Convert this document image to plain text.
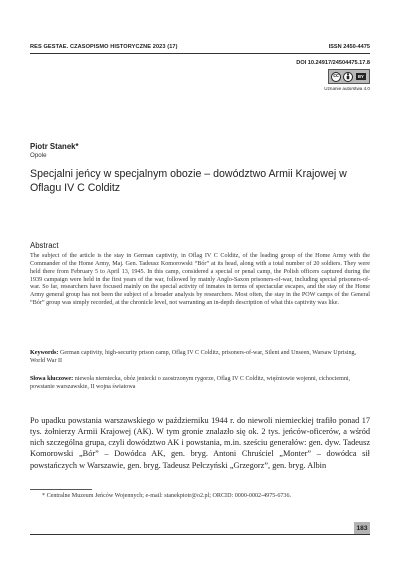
RES GESTAE. CZASOPISMO HISTORYCZNE 2023 (17)	ISSN 2450-4475
DOI 10.24917/24504475.17.8
cc	BY
Uznanie autorstwa 4.0
Piotr Stanek*
Opole
Specjalni jeńcy w specjalnym obozie – dowództwo Armii Krajowej w Oflagu IV C Colditz
Abstract
The subject of the article is the stay in German captivity, in Oflag IV C Colditz, of the leading group of the Home Army with the Commander of the Home Army, Maj. Gen. Tadeusz Komorowski “Bór” at its head, along with a total number of 20 soldiers. They were held there from February 5 to April 13, 1945. In this camp, considered a special or penal camp, the Polish officers captured during the 1939 campaign were held in the first years of the war, followed by mainly Anglo-Saxon prisoners-of-war, including special prisoners-of-war. So far, researchers have focused mainly on the special activity of inmates in terms of spectacular escapes, and the stay of the Home Army general group has not been the subject of a broader analysis by researchers. Most often, the stay in the POW camps of the General “Bór” group was simply recorded, at the chronicle level, not warranting an in-depth description of what this captivity was like.
Keywords: German captivity, high-security prison camp, Oflag IV C Colditz, prisoners-of-war, Silent and Unseen, Warsaw Uprising, World War II
Słowa kluczowe: niewola niemiecka, obóz jeniecki o zaostrzonym rygorze, Oflag IV C Colditz, więźniowie wojenni, cichociemni, powstanie warszawskie, II wojna światowa
Po upadku powstania warszawskiego w październiku 1944 r. do niewoli niemieckiej trafiło ponad 17 tys. żołnierzy Armii Krajowej (AK). W tym gronie znalazło się ok. 2 tys. jeńców-oficerów, a wśród nich szczególna grupa, czyli dowództwo AK i powstania, m.in. sześciu generałów: gen. dyw. Tadeusz Komorowski „Bór” – Dowódca AK, gen. bryg. Antoni Chruściel „Monter” – dowódca sił powstańczych w Warszawie, gen. bryg. Tadeusz Pełczyński „Grzegorz”, gen. bryg. Albin
* Centralne Muzeum Jeńców Wojennych; e-mail: stanekpiotr@o2.pl; ORCID: 0000-0002-4975-6736.
183
